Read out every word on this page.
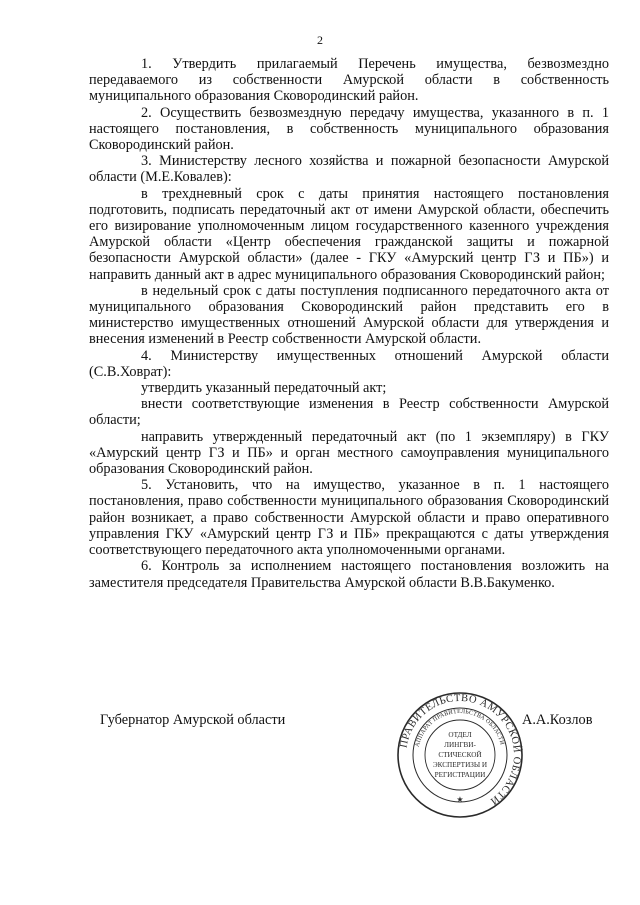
2

1. Утвердить прилагаемый Перечень имущества, безвозмездно передаваемого из собственности Амурской области в собственность муниципального образования Сковородинский район.

2. Осуществить безвозмездную передачу имущества, указанного в п. 1 настоящего постановления, в собственность муниципального образования Сковородинский район.

3. Министерству лесного хозяйства и пожарной безопасности Амурской области (М.Е.Ковалев):

в трехдневный срок с даты принятия настоящего постановления подготовить, подписать передаточный акт от имени Амурской области, обеспечить его визирование уполномоченным лицом государственного казенного учреждения Амурской области «Центр обеспечения гражданской защиты и пожарной безопасности Амурской области» (далее - ГКУ «Амурский центр ГЗ и ПБ») и направить данный акт в адрес муниципального образования Сковородинский район;

в недельный срок с даты поступления подписанного передаточного акта от муниципального образования Сковородинский район представить его в министерство имущественных отношений Амурской области для утверждения и внесения изменений в Реестр собственности Амурской области.

4. Министерству имущественных отношений Амурской области (С.В.Ховрат):

утвердить указанный передаточный акт;

внести соответствующие изменения в Реестр собственности Амурской области;

направить утвержденный передаточный акт (по 1 экземпляру) в ГКУ «Амурский центр ГЗ и ПБ» и орган местного самоуправления муниципального образования Сковородинский район.

5. Установить, что на имущество, указанное в п. 1 настоящего постановления, право собственности муниципального образования Сковородинский район возникает, а право собственности Амурской области и право оперативного управления ГКУ «Амурский центр ГЗ и ПБ» прекращаются с даты утверждения соответствующего передаточного акта уполномоченными органами.

6. Контроль за исполнением настоящего постановления возложить на заместителя председателя Правительства Амурской области В.В.Бакуменко.

Губернатор Амурской области	А.А.Козлов
ПРАВИТЕЛЬСТВО АМУРСКОЙ ОБЛАСТИ
АППАРАТ ПРАВИТЕЛЬСТВА ОБЛАСТИ
ОТДЕЛ
ЛИНГВИ-
СТИЧЕСКОЙ
ЭКСПЕРТИЗЫ И
РЕГИСТРАЦИИ
★
